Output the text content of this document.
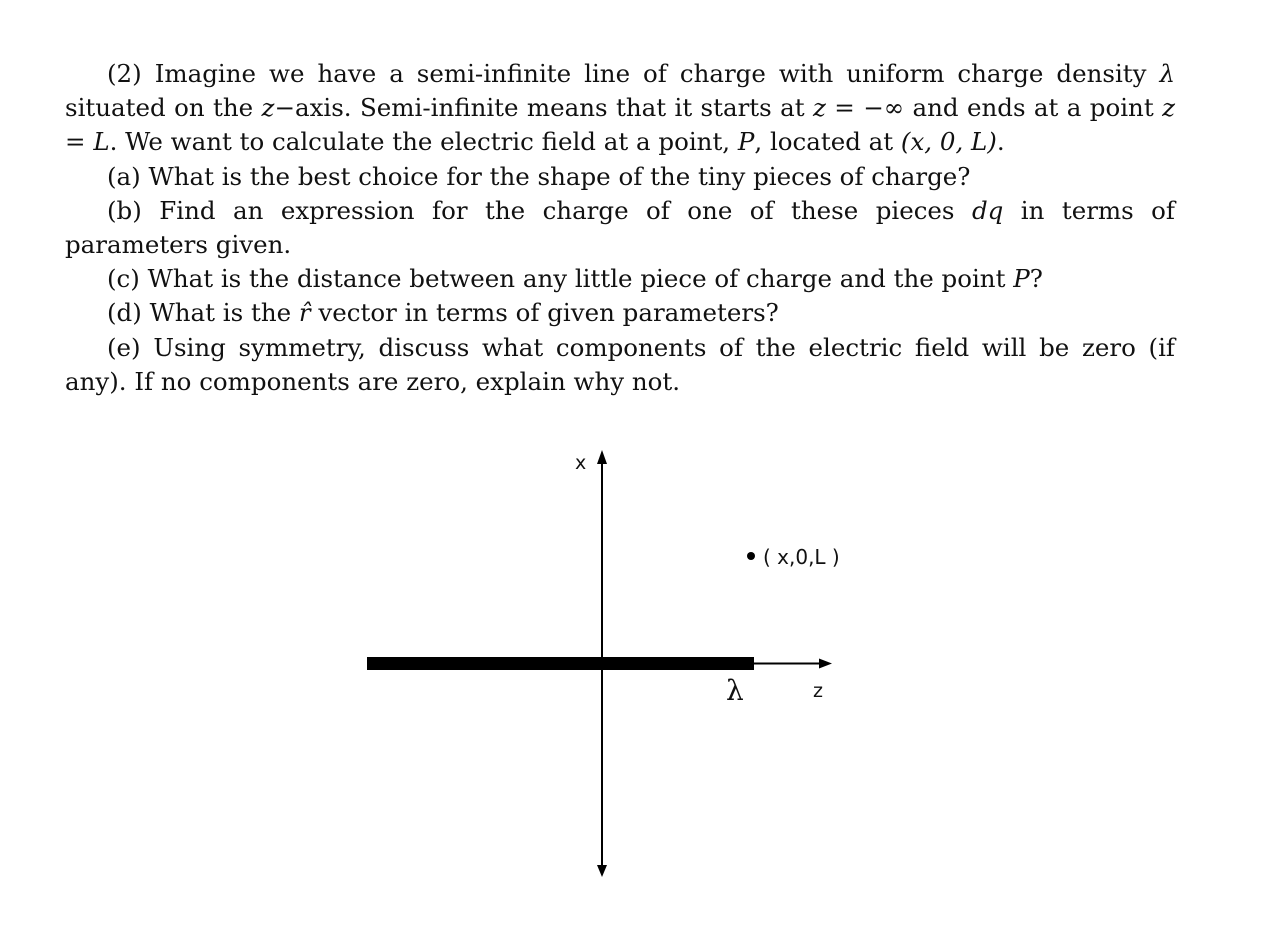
(2) Imagine we have a semi-infinite line of charge with uniform charge density λ situated on the z−axis. Semi-infinite means that it starts at z = −∞ and ends at a point z = L. We want to calculate the electric field at a point, P, located at (x, 0, L).

(a) What is the best choice for the shape of the tiny pieces of charge?

(b) Find an expression for the charge of one of these pieces dq in terms of parameters given.

(c) What is the distance between any little piece of charge and the point P?

(d) What is the r̂ vector in terms of given parameters?

(e) Using symmetry, discuss what components of the electric field will be zero (if any). If no components are zero, explain why not.

x
z
λ
( x,0,L )
